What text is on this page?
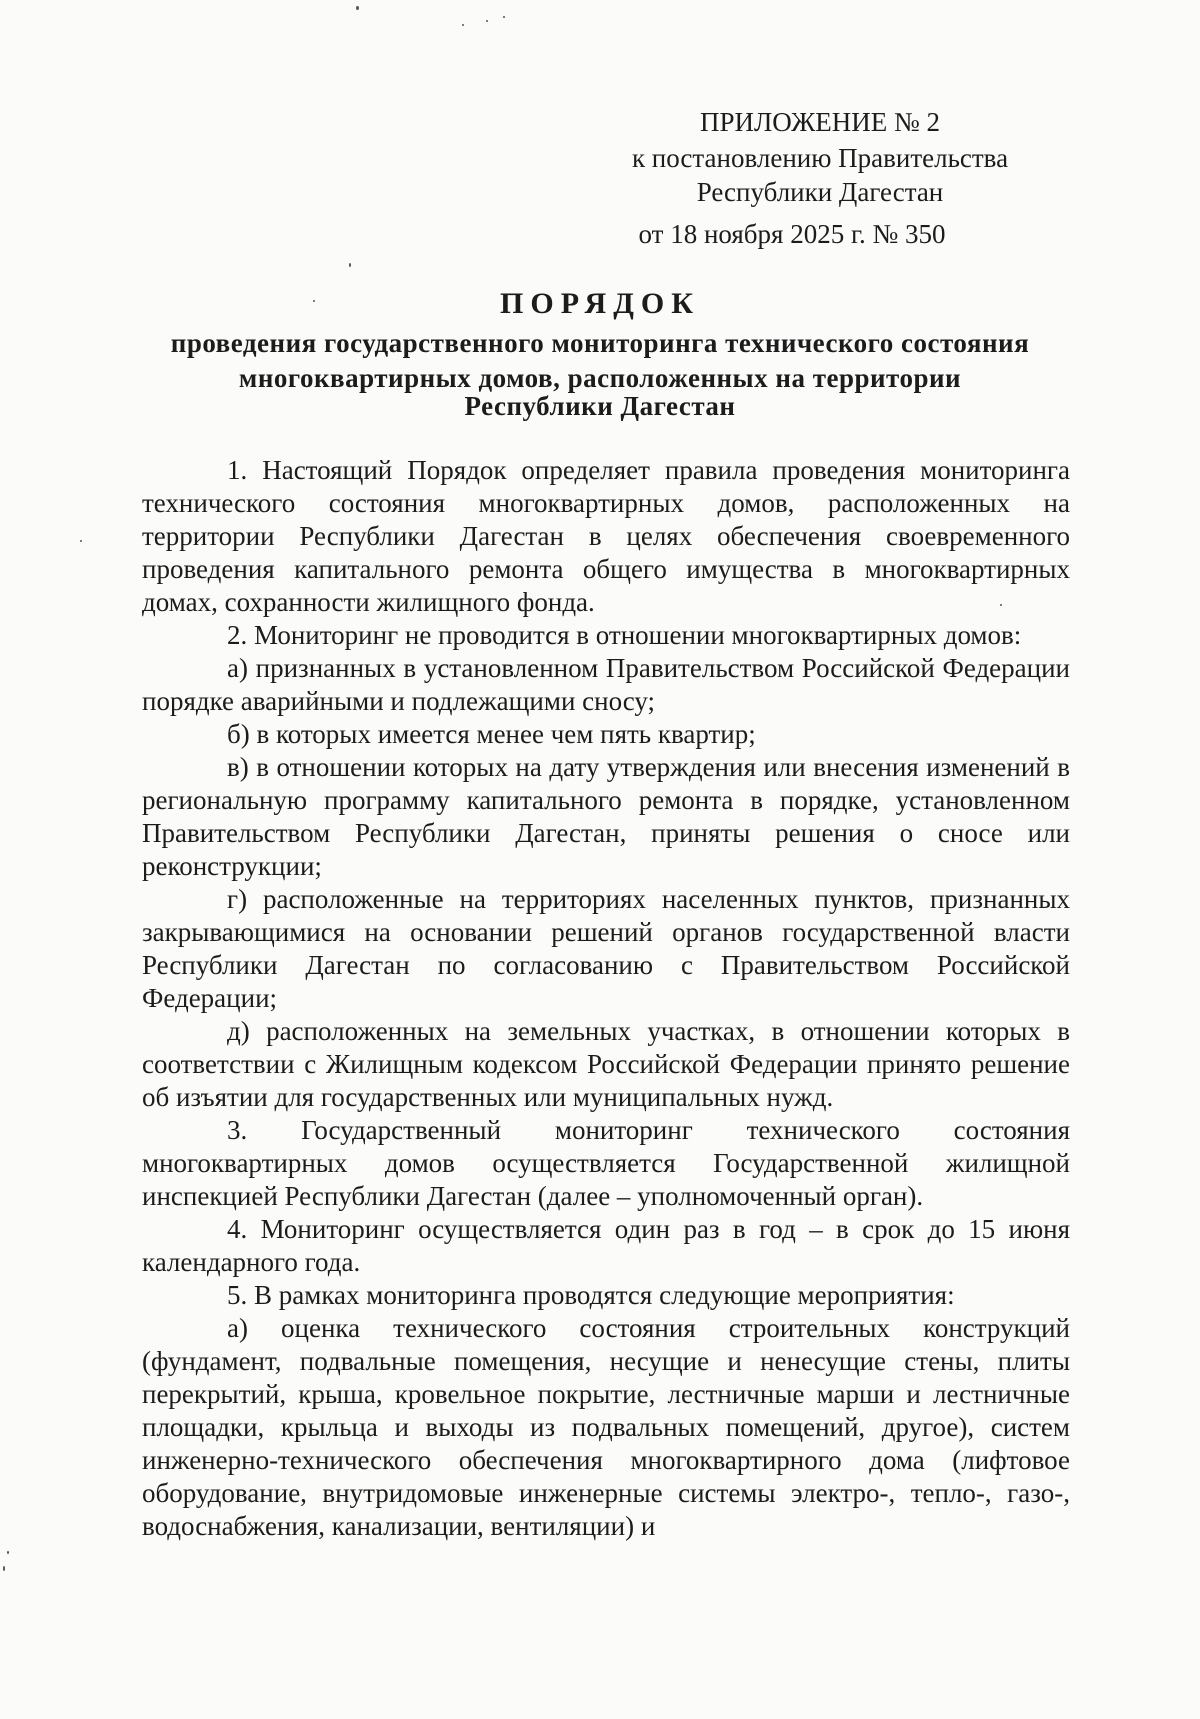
ПРИЛОЖЕНИЕ № 2
к постановлению Правительства
Республики Дагестан
от 18 ноября 2025 г. № 350
ПОРЯДОК
проведения государственного мониторинга технического состояния
многоквартирных домов, расположенных на территории
Республики Дагестан

1. Настоящий Порядок определяет правила проведения мониторинга технического состояния многоквартирных домов, расположенных на территории Республики Дагестан в целях обеспечения своевременного проведения капитального ремонта общего имущества в многоквартирных домах, сохранности жилищного фонда.

2. Мониторинг не проводится в отношении многоквартирных домов:

а) признанных в установленном Правительством Российской Федерации порядке аварийными и подлежащими сносу;

б) в которых имеется менее чем пять квартир;

в) в отношении которых на дату утверждения или внесения изменений в региональную программу капитального ремонта в порядке, установленном Правительством Республики Дагестан, приняты решения о сносе или реконструкции;

г) расположенные на территориях населенных пунктов, признанных закрывающимися на основании решений органов государственной власти Республики Дагестан по согласованию с Правительством Российской Федерации;

д) расположенных на земельных участках, в отношении которых в соответствии с Жилищным кодексом Российской Федерации принято решение об изъятии для государственных или муниципальных нужд.

3. Государственный мониторинг технического состояния многоквартирных домов осуществляется Государственной жилищной инспекцией Республики Дагестан (далее – уполномоченный орган).

4. Мониторинг осуществляется один раз в год – в срок до 15 июня календарного года.

5. В рамках мониторинга проводятся следующие мероприятия:

а) оценка технического состояния строительных конструкций (фундамент, подвальные помещения, несущие и ненесущие стены, плиты перекрытий, крыша, кровельное покрытие, лестничные марши и лестничные площадки, крыльца и выходы из подвальных помещений, другое), систем инженерно-технического обеспечения многоквартирного дома (лифтовое оборудование, внутридомовые инженерные системы электро-, тепло-, газо-, водоснабжения, канализации, вентиляции) и
